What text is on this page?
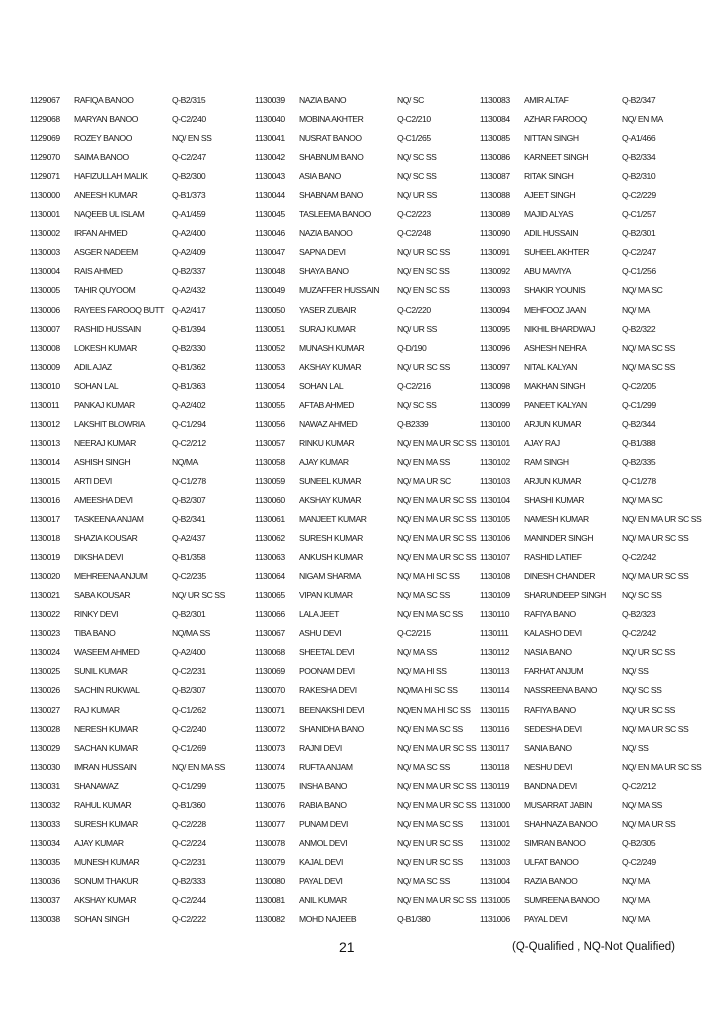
1129067 RAFIQA BANOO	Q-B2/315
1129068 MARYAN BANOO	Q-C2/240
1129069 ROZEY BANOO	NQ/ EN SS
1129070 SAIMA BANOO	Q-C2/247
1129071 HAFIZULLAH MALIK	Q-B2/300
1130000 ANEESH KUMAR	Q-B1/373
1130001 NAQEEB UL ISLAM	Q-A1/459
1130002 IRFAN AHMED	Q-A2/400
1130003 ASGER NADEEM	Q-A2/409
1130004 RAIS AHMED	Q-B2/337
1130005 TAHIR QUYOOM	Q-A2/432
1130006 RAYEES FAROOQ BUTT Q-A2/417
1130007 RASHID HUSSAIN	Q-B1/394
1130008 LOKESH KUMAR	Q-B2/330
1130009 ADIL AJAZ	Q-B1/362
1130010 SOHAN LAL	Q-B1/363
1130011 PANKAJ KUMAR	Q-A2/402
1130012 LAKSHIT BLOWRIA	Q-C1/294
1130013 NEERAJ KUMAR	Q-C2/212
1130014 ASHISH SINGH	NQ/MA
1130015 ARTI DEVI	Q-C1/278
1130016 AMEESHA DEVI	Q-B2/307
1130017 TASKEENA ANJAM	Q-B2/341
1130018 SHAZIA KOUSAR	Q-A2/437
1130019 DIKSHA DEVI	Q-B1/358
1130020 MEHREENA ANJUM	Q-C2/235
1130021 SABA KOUSAR	NQ/ UR SC SS
1130022 RINKY DEVI	Q-B2/301
1130023 TIBA BANO	NQ/MA SS
1130024 WASEEM AHMED	Q-A2/400
1130025 SUNIL KUMAR	Q-C2/231
1130026 SACHIN RUKWAL	Q-B2/307
1130027 RAJ KUMAR	Q-C1/262
1130028 NERESH KUMAR	Q-C2/240
1130029 SACHAN KUMAR	Q-C1/269
1130030 IMRAN HUSSAIN	NQ/ EN MA SS
1130031 SHANAWAZ	Q-C1/299
1130032 RAHUL KUMAR	Q-B1/360
1130033 SURESH KUMAR	Q-C2/228
1130034 AJAY KUMAR	Q-C2/224
1130035 MUNESH KUMAR	Q-C2/231
1130036 SONUM THAKUR	Q-B2/333
1130037 AKSHAY KUMAR	Q-C2/244
1130038 SOHAN SINGH	Q-C2/222
1130039 NAZIA BANO	NQ/ SC
1130040 MOBINA AKHTER	Q-C2/210
1130041 NUSRAT BANOO	Q-C1/265
1130042 SHABNUM BANO	NQ/ SC SS
1130043 ASIA BANO	NQ/ SC SS
1130044 SHABNAM BANO	NQ/ UR SS
1130045 TASLEEMA BANOO	Q-C2/223
1130046 NAZIA BANOO	Q-C2/248
1130047 SAPNA DEVI	NQ/ UR SC SS
1130048 SHAYA BANO	NQ/ EN SC SS
1130049 MUZAFFER HUSSAIN NQ/ EN SC SS
1130050 YASER ZUBAIR	Q-C2/220
1130051 SURAJ KUMAR	NQ/ UR SS
1130052 MUNASH KUMAR	Q-D/190
1130053 AKSHAY KUMAR	NQ/ UR SC SS
1130054 SOHAN LAL	Q-C2/216
1130055 AFTAB AHMED	NQ/ SC SS
1130056 NAWAZ AHMED	Q-B2339
1130057 RINKU KUMAR	NQ/ EN MA UR SC SS
1130058 AJAY KUMAR	NQ/ EN MA SS
1130059 SUNEEL KUMAR	NQ/ MA UR SC
1130060 AKSHAY KUMAR	NQ/ EN MA UR SC SS
1130061 MANJEET KUMAR	NQ/ EN MA UR SC SS
1130062 SURESH KUMAR	NQ/ EN MA UR SC SS
1130063 ANKUSH KUMAR	NQ/ EN MA UR SC SS
1130064 NIGAM SHARMA	NQ/ MA HI SC SS
1130065 VIPAN KUMAR	NQ/ MA SC SS
1130066 LALA JEET	NQ/ EN MA SC SS
1130067 ASHU DEVI	Q-C2/215
1130068 SHEETAL DEVI	NQ/ MA SS
1130069 POONAM DEVI	NQ/ MA HI SS
1130070 RAKESHA DEVI	NQ/MA HI SC SS
1130071 BEENAKSHI DEVI	NQ/EN MA HI SC SS
1130072 SHANIDHA BANO	NQ/ EN MA SC SS
1130073 RAJNI DEVI	NQ/ EN MA UR SC SS
1130074 RUFTA ANJAM	NQ/ MA SC SS
1130075 INSHA BANO	NQ/ EN MA UR SC SS
1130076 RABIA BANO	NQ/ EN MA UR SC SS
1130077 PUNAM DEVI	NQ/ EN MA SC SS
1130078 ANMOL DEVI	NQ/ EN UR SC SS
1130079 KAJAL DEVI	NQ/ EN UR SC SS
1130080 PAYAL DEVI	NQ/ MA SC SS
1130081 ANIL KUMAR	NQ/ EN MA UR SC SS
1130082 MOHD NAJEEB	Q-B1/380
1130083 AMIR ALTAF	Q-B2/347
1130084 AZHAR FAROOQ	NQ/ EN MA
1130085 NITTAN SINGH	Q-A1/466
1130086 KARNEET SINGH	Q-B2/334
1130087 RITAK SINGH	Q-B2/310
1130088 AJEET SINGH	Q-C2/229
1130089 MAJID ALYAS	Q-C1/257
1130090 ADIL HUSSAIN	Q-B2/301
1130091 SUHEEL AKHTER	Q-C2/247
1130092 ABU MAVIYA	Q-C1/256
1130093 SHAKIR YOUNIS	NQ/ MA SC
1130094 MEHFOOZ JAAN	NQ/ MA
1130095 NIKHIL BHARDWAJ	Q-B2/322
1130096 ASHESH NEHRA	NQ/ MA SC SS
1130097 NITAL KALYAN	NQ/ MA SC SS
1130098 MAKHAN SINGH	Q-C2/205
1130099 PANEET KALYAN	Q-C1/299
1130100 ARJUN KUMAR	Q-B2/344
1130101 AJAY RAJ	Q-B1/388
1130102 RAM SINGH	Q-B2/335
1130103 ARJUN KUMAR	Q-C1/278
1130104 SHASHI KUMAR	NQ/ MA SC
1130105 NAMESH KUMAR	NQ/ EN MA UR SC SS
1130106 MANINDER SINGH	NQ/ MA UR SC SS
1130107 RASHID LATIEF	Q-C2/242
1130108 DINESH CHANDER	NQ/ MA UR SC SS
1130109 SHARUNDEEP SINGH NQ/ SC SS
1130110 RAFIYA BANO	Q-B2/323
1130111 KALASHO DEVI	Q-C2/242
1130112 NASIA BANO	NQ/ UR SC SS
1130113 FARHAT ANJUM	NQ/ SS
1130114 NASSREENA BANO	NQ/ SC SS
1130115 RAFIYA BANO	NQ/ UR SC SS
1130116 SEDESHA DEVI	NQ/ MA UR SC SS
1130117 SANIA BANO	NQ/ SS
1130118 NESHU DEVI	NQ/ EN MA UR SC SS
1130119 BANDNA DEVI	Q-C2/212
1131000 MUSARRAT JABIN	NQ/ MA SS
1131001 SHAHNAZA BANOO	NQ/ MA UR SS
1131002 SIMRAN BANOO	Q-B2/305
1131003 ULFAT BANOO	Q-C2/249
1131004 RAZIA BANOO	NQ/ MA
1131005 SUMREENA BANOO	NQ/ MA
1131006 PAYAL DEVI	NQ/ MA
21	(Q-Qualified , NQ-Not Qualified)
